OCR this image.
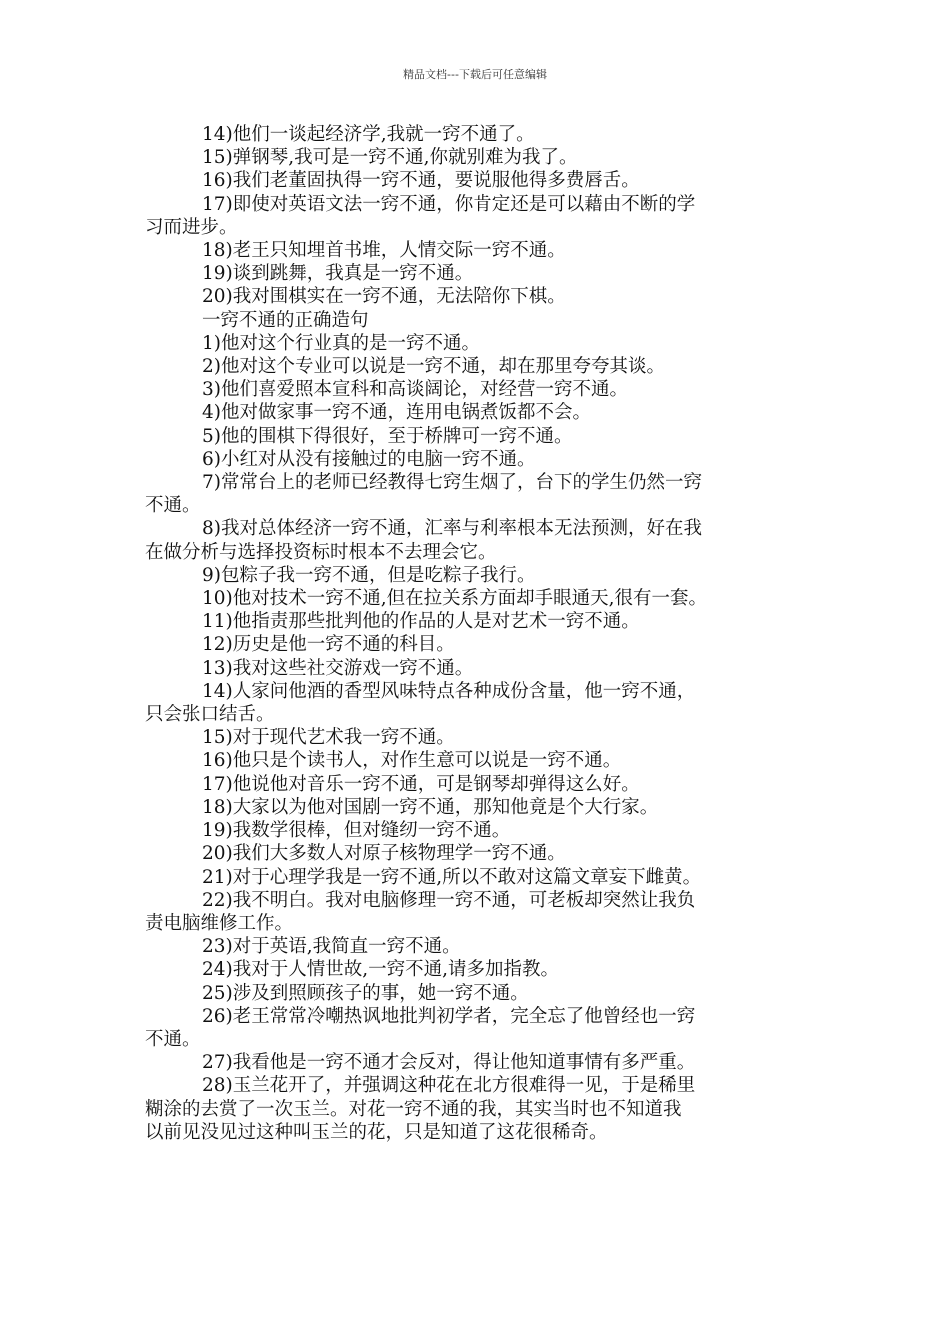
精品文档---下载后可任意编辑
14)他们一谈起经济学,我就一窍不通了。
15)弹钢琴,我可是一窍不通,你就别难为我了。
16)我们老董固执得一窍不通，要说服他得多费唇舌。
17)即使对英语文法一窍不通，你肯定还是可以藉由不断的学
习而进步。
18)老王只知埋首书堆，人情交际一窍不通。
19)谈到跳舞，我真是一窍不通。
20)我对围棋实在一窍不通，无法陪你下棋。
一窍不通的正确造句
1)他对这个行业真的是一窍不通。
2)他对这个专业可以说是一窍不通，却在那里夸夸其谈。
3)他们喜爱照本宣科和高谈阔论，对经营一窍不通。
4)他对做家事一窍不通，连用电锅煮饭都不会。
5)他的围棋下得很好，至于桥牌可一窍不通。
6)小红对从没有接触过的电脑一窍不通。
7)常常台上的老师已经教得七窍生烟了，台下的学生仍然一窍
不通。
8)我对总体经济一窍不通，汇率与利率根本无法预测，好在我
在做分析与选择投资标时根本不去理会它。
9)包粽子我一窍不通，但是吃粽子我行。
10)他对技术一窍不通,但在拉关系方面却手眼通天,很有一套。
11)他指责那些批判他的作品的人是对艺术一窍不通。
12)历史是他一窍不通的科目。
13)我对这些社交游戏一窍不通。
14)人家问他酒的香型风味特点各种成份含量，他一窍不通，
只会张口结舌。
15)对于现代艺术我一窍不通。
16)他只是个读书人，对作生意可以说是一窍不通。
17)他说他对音乐一窍不通，可是钢琴却弹得这么好。
18)大家以为他对国剧一窍不通，那知他竟是个大行家。
19)我数学很棒，但对缝纫一窍不通。
20)我们大多数人对原子核物理学一窍不通。
21)对于心理学我是一窍不通,所以不敢对这篇文章妄下雌黄。
22)我不明白。我对电脑修理一窍不通，可老板却突然让我负
责电脑维修工作。
23)对于英语,我简直一窍不通。
24)我对于人情世故,一窍不通,请多加指教。
25)涉及到照顾孩子的事，她一窍不通。
26)老王常常冷嘲热讽地批判初学者，完全忘了他曾经也一窍
不通。
27)我看他是一窍不通才会反对，得让他知道事情有多严重。
28)玉兰花开了，并强调这种花在北方很难得一见，于是稀里
糊涂的去赏了一次玉兰。对花一窍不通的我，其实当时也不知道我
以前见没见过这种叫玉兰的花，只是知道了这花很稀奇。
